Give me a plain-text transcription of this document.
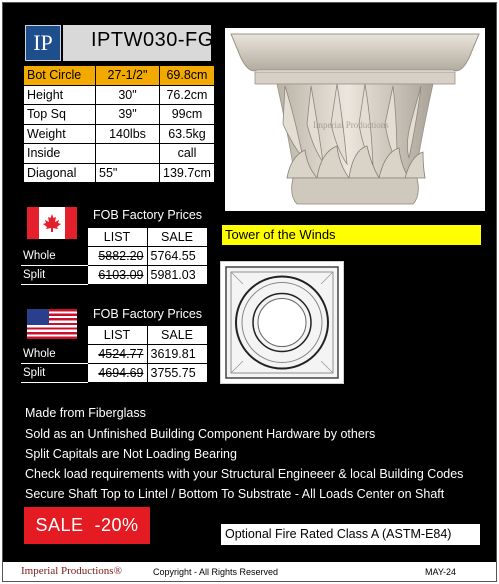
IP	IPTW030-FG
Bot Circle	27-1/2"	69.8cm
Height	30"	76.2cm
Top Sq	39"	99cm
Weight	140lbs	63.5kg
Inside		call
Diagonal	55"	139.7cm
FOB Factory Prices
	LIST	SALE
Whole	5882.20	5764.55
Split	6103.09	5981.03
FOB Factory Prices
	LIST	SALE
Whole	4524.77	3619.81
Split	4694.69	3755.75
Imperial Productions
Tower of the Winds
Made from Fiberglass
Sold as an Unfinished Building Component Hardware by others
Split Capitals are Not Loading Bearing
Check load requirements with your Structural Engineeer & local Building Codes
Secure Shaft Top to Lintel / Bottom To Substrate - All Loads Center on Shaft
SALE  -20%	Optional Fire Rated Class A (ASTM-E84)
Imperial Productions®	Copyright - All Rights Reserved	MAY-24
